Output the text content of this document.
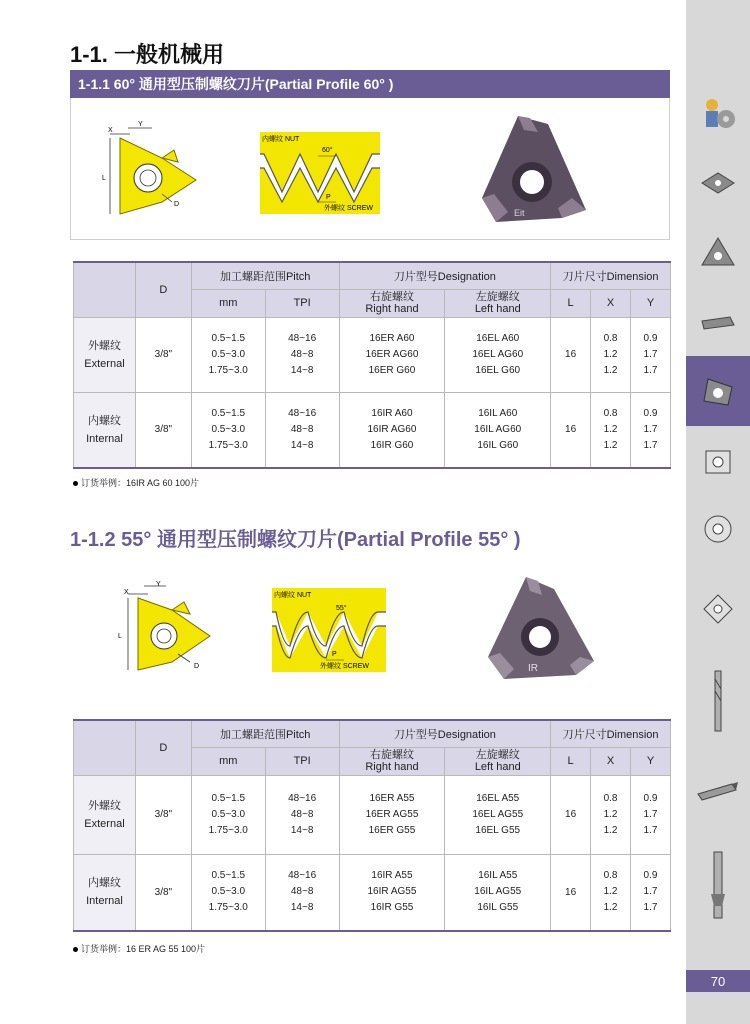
1-1. 一般机械用
1-1.1 60° 通用型压制螺纹刀片(Partial Profile 60° )
Y
X
L
D
内螺纹 NUT
60°
P
外螺纹 SCREW	Eit
	D	加工螺距范围Pitch		刀片型号Designation		刀片尺寸Dimension		
		mm	TPI	右旋螺纹
Right hand	左旋螺纹
Left hand	L	X	Y

外螺纹
External	3/8"	0.5~1.5
0.5~3.0
1.75~3.0	48~16
48~8
14~8	16ER A60
16ER AG60
16ER G60	16EL A60
16EL AG60
16EL G60	16	0.8
1.2
1.2	0.9
1.7
1.7

内螺纹
Internal	3/8"	0.5~1.5
0.5~3.0
1.75~3.0	48~16
48~8
14~8	16IR A60
16IR AG60
16IR G60	16IL A60
16IL AG60
16IL G60	16	0.8
1.2
1.2	0.9
1.7
1.7
订货举例：16IR AG 60 100片
1-1.2 55° 通用型压制螺纹刀片(Partial Profile 55° )
Y
X
L
D
内螺纹 NUT
55°
P
外螺纹 SCREW	IR
	D	加工螺距范围Pitch		刀片型号Designation		刀片尺寸Dimension		
		mm	TPI	右旋螺纹
Right hand	左旋螺纹
Left hand	L	X	Y

外螺纹
External	3/8"	0.5~1.5
0.5~3.0
1.75~3.0	48~16
48~8
14~8	16ER A55
16ER AG55
16ER G55	16EL A55
16EL AG55
16EL G55	16	0.8
1.2
1.2	0.9
1.7
1.7

内螺纹
Internal	3/8"	0.5~1.5
0.5~3.0
1.75~3.0	48~16
48~8
14~8	16IR A55
16IR AG55
16IR G55	16IL A55
16IL AG55
16IL G55	16	0.8
1.2
1.2	0.9
1.7
1.7
订货举例：16 ER AG 55 100片
70
